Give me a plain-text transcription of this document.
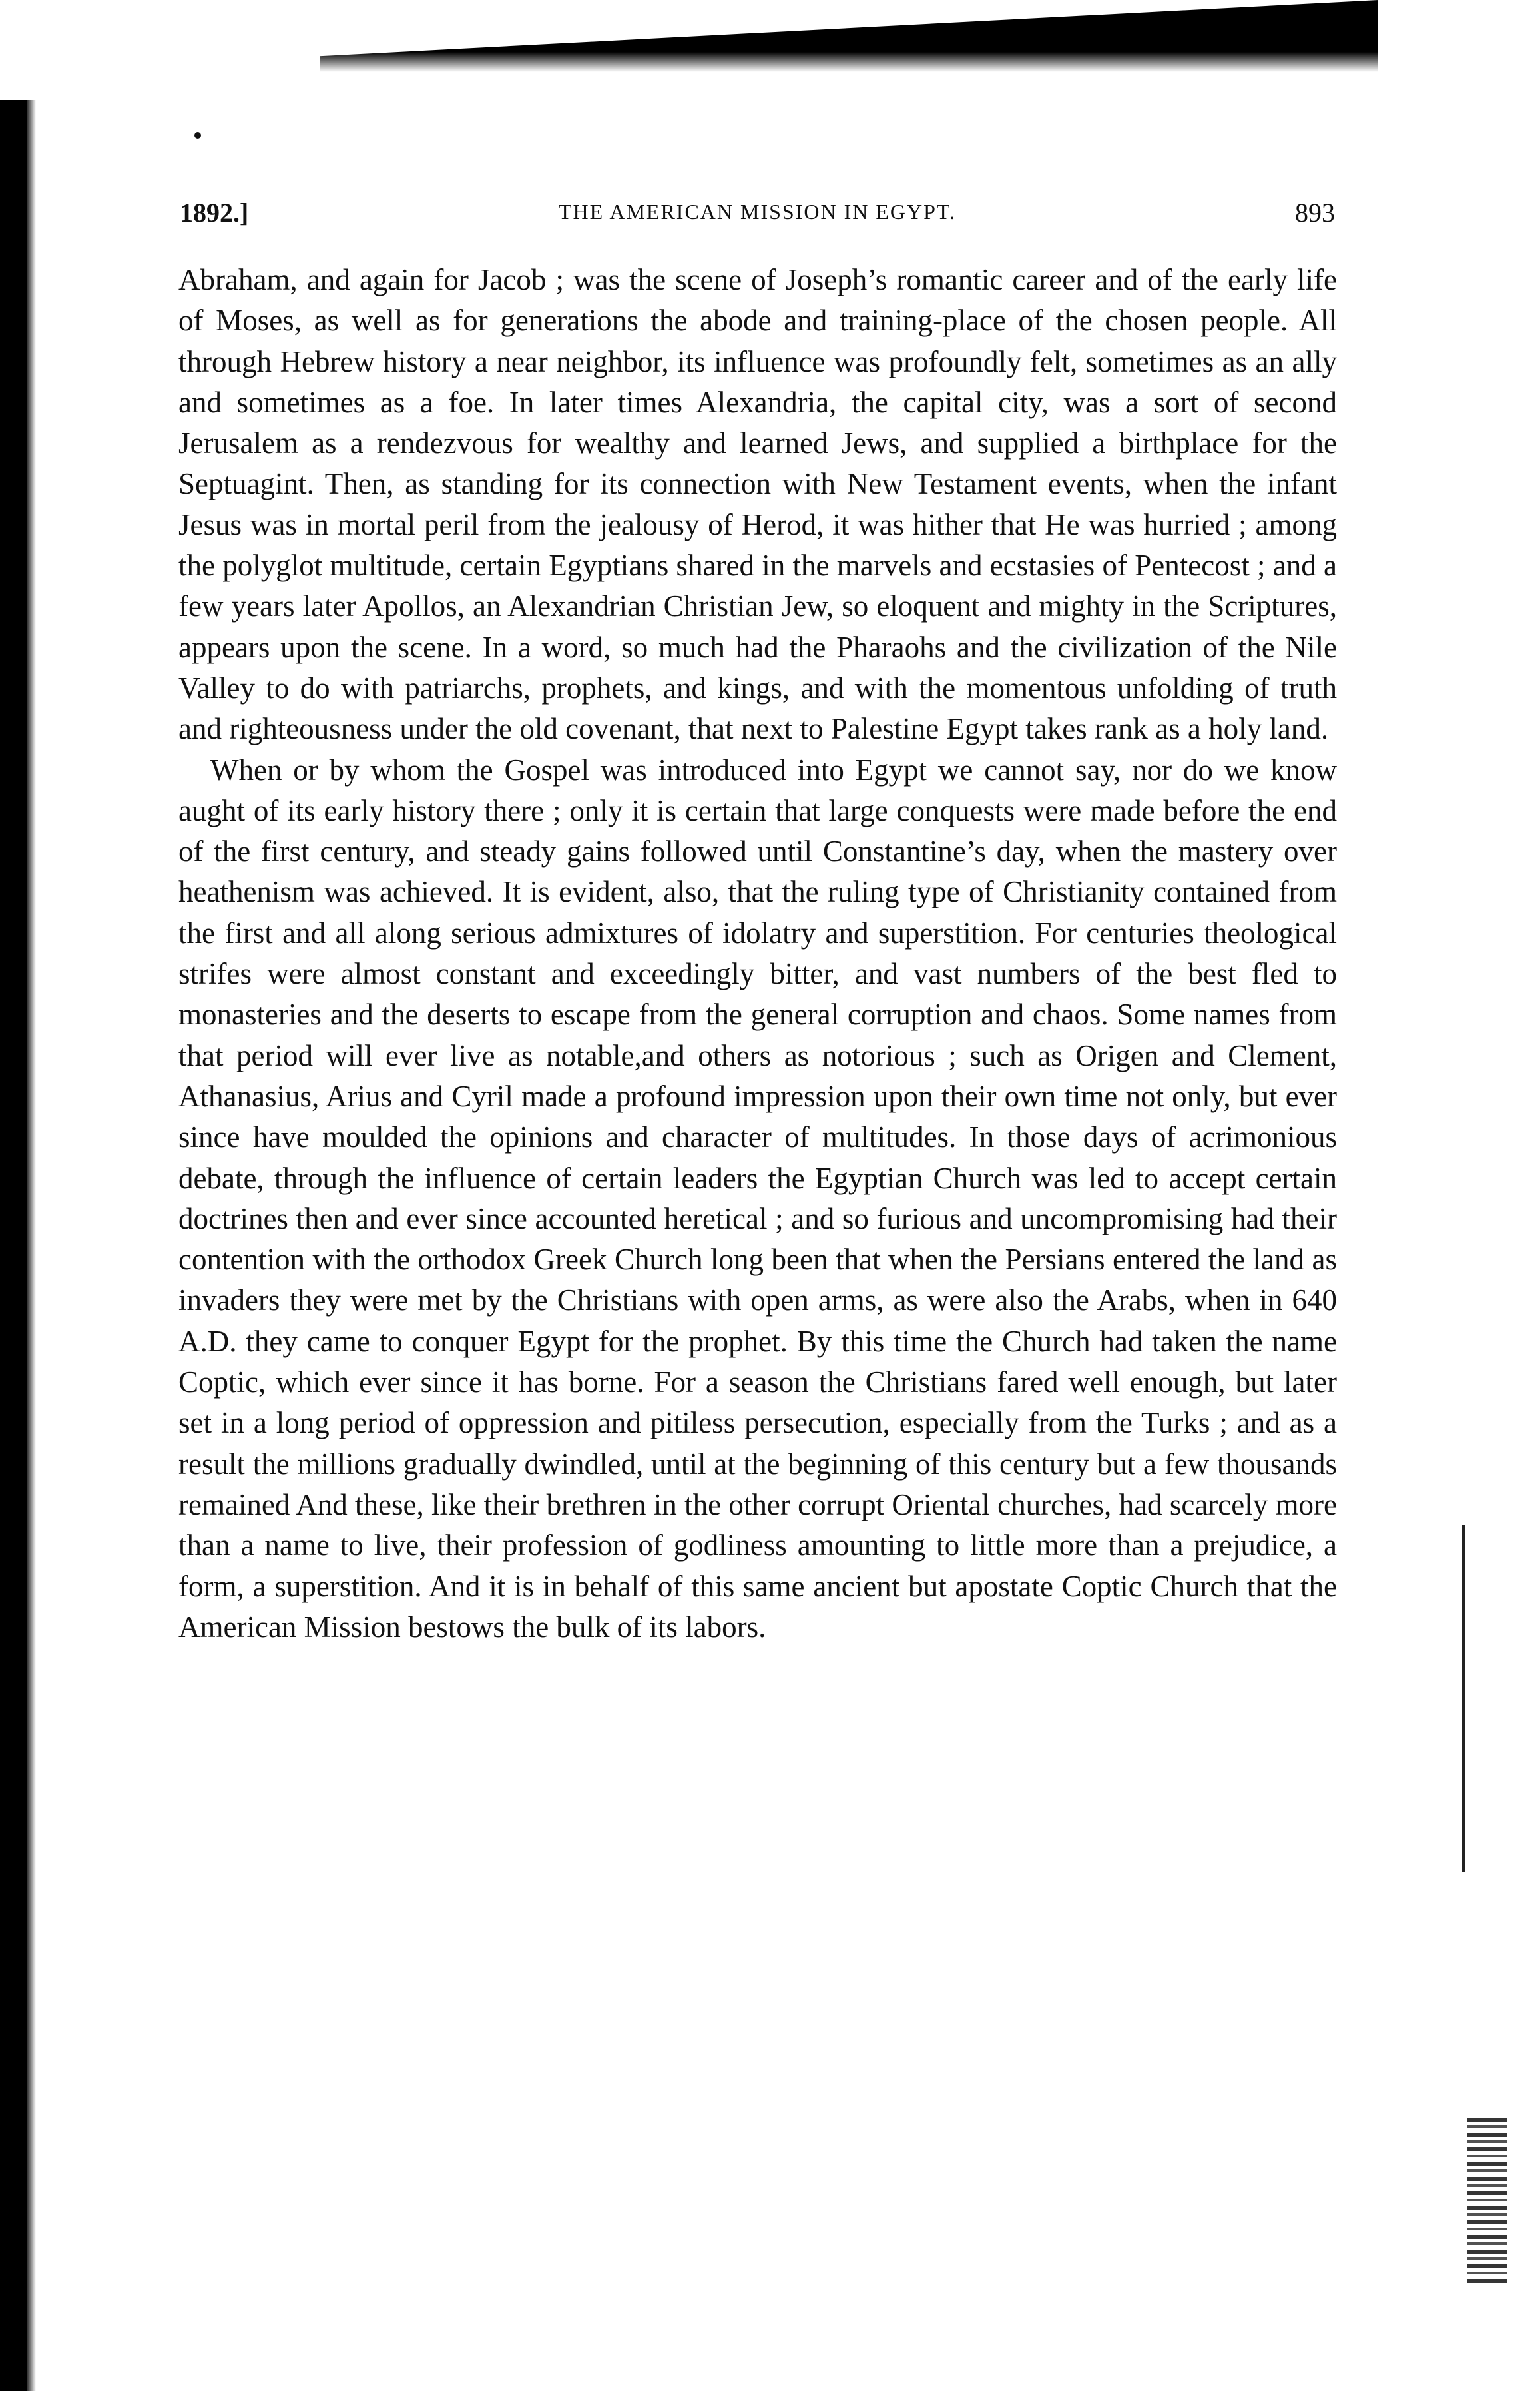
1892.]	THE AMERICAN MISSION IN EGYPT.	893

Abraham, and again for Jacob ; was the scene of Joseph’s romantic career and of the early life of Moses, as well as for generations the abode and training-place of the chosen people. All through Hebrew history a near neighbor, its influence was profoundly felt, sometimes as an ally and sometimes as a foe. In later times Alexandria, the capital city, was a sort of second Jerusalem as a rendezvous for wealthy and learned Jews, and supplied a birthplace for the Septuagint. Then, as standing for its connection with New Testament events, when the infant Jesus was in mortal peril from the jealousy of Herod, it was hither that He was hurried ; among the polyglot multitude, certain Egyptians shared in the marvels and ecstasies of Pentecost ; and a few years later Apollos, an Alexandrian Christian Jew, so eloquent and mighty in the Scriptures, appears upon the scene. In a word, so much had the Pharaohs and the civilization of the Nile Valley to do with patriarchs, prophets, and kings, and with the momentous unfolding of truth and righteousness under the old covenant, that next to Palestine Egypt takes rank as a holy land.

When or by whom the Gospel was introduced into Egypt we cannot say, nor do we know aught of its early history there ; only it is certain that large conquests were made before the end of the first century, and steady gains followed until Constantine’s day, when the mastery over heathenism was achieved. It is evident, also, that the ruling type of Christianity contained from the first and all along serious admixtures of idolatry and superstition. For centuries theological strifes were almost constant and exceedingly bitter, and vast numbers of the best fled to monasteries and the deserts to escape from the general corruption and chaos. Some names from that period will ever live as notable,and others as notorious ; such as Origen and Clement, Athanasius, Arius and Cyril made a profound impression upon their own time not only, but ever since have moulded the opinions and character of multitudes. In those days of acrimonious debate, through the influence of certain leaders the Egyptian Church was led to accept certain doctrines then and ever since accounted heretical ; and so furious and uncompromising had their contention with the orthodox Greek Church long been that when the Persians entered the land as invaders they were met by the Christians with open arms, as were also the Arabs, when in 640 A.D. they came to conquer Egypt for the prophet. By this time the Church had taken the name Coptic, which ever since it has borne. For a season the Christians fared well enough, but later set in a long period of oppression and pitiless persecution, especially from the Turks ; and as a result the millions gradually dwindled, until at the beginning of this century but a few thousands remained And these, like their brethren in the other corrupt Oriental churches, had scarcely more than a name to live, their profession of godliness amounting to little more than a prejudice, a form, a superstition. And it is in behalf of this same ancient but apostate Coptic Church that the American Mission bestows the bulk of its labors.
